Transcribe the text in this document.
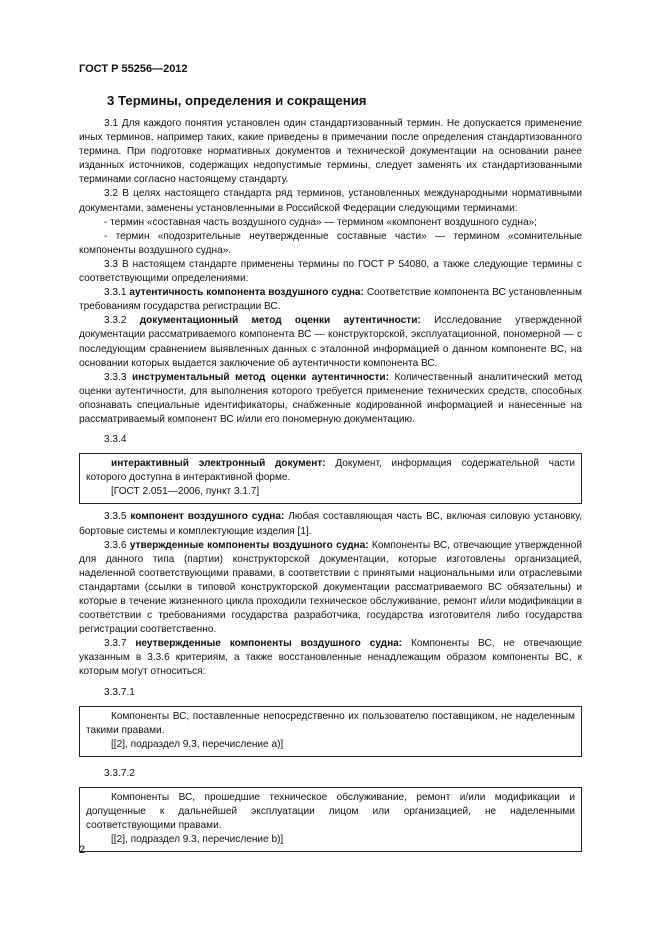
ГОСТ Р 55256—2012
3 Термины, определения и сокращения

3.1 Для каждого понятия установлен один стандартизованный термин. Не допускается применение иных терминов, например таких, какие приведены в примечании после определения стандартизованного термина. При подготовке нормативных документов и технической документации на основании ранее изданных источников, содержащих недопустимые термины, следует заменять их стандартизованными терминами согласно настоящему стандарту.

3.2 В целях настоящего стандарта ряд терминов, установленных международными нормативными документами, заменены установленными в Российской Федерации следующими терминами:

- термин «составная часть воздушного судна» — термином «компонент воздушного судна»;

- термин «подозрительные неутвержденные составные части» — термином «сомнительные компоненты воздушного судна».

3.3 В настоящем стандарте применены термины по ГОСТ Р 54080, а также следующие термины с соответствующими определениями:

3.3.1 аутентичность компонента воздушного судна: Соответствие компонента ВС установленным требованиям государства регистрации ВС.

3.3.2 документационный метод оценки аутентичности: Исследование утвержденной документации рассматриваемого компонента ВС — конструкторской, эксплуатационной, пономерной — с последующим сравнением выявленных данных с эталонной информацией о данном компоненте ВС, на основании которых выдается заключение об аутентичности компонента ВС.

3.3.3 инструментальный метод оценки аутентичности: Количественный аналитический метод оценки аутентичности, для выполнения которого требуется применение технических средств, способных опознавать специальные идентификаторы, снабженные кодированной информацией и нанесенные на рассматриваемый компонент ВС и/или его пономерную документацию.

3.3.4

интерактивный электронный документ: Документ, информация содержательной части которого доступна в интерактивной форме.

[ГОСТ 2.051—2006, пункт 3.1.7]

3.3.5 компонент воздушного судна: Любая составляющая часть ВС, включая силовую установку, бортовые системы и комплектующие изделия [1].

3.3.6 утвержденные компоненты воздушного судна: Компоненты ВС, отвечающие утвержденной для данного типа (партии) конструкторской документации, которые изготовлены организацией, наделенной соответствующими правами, в соответствии с принятыми национальными или отраслевыми стандартами (ссылки в типовой конструкторской документации рассматриваемого ВС обязательны) и которые в течение жизненного цикла проходили техническое обслуживание, ремонт и/или модификации в соответствии с требованиями государства разработчика, государства изготовителя либо государства регистрации соответственно.

3.3.7 неутвержденные компоненты воздушного судна: Компоненты ВС, не отвечающие указанным в 3.3.6 критериям, а также восстановленные ненадлежащим образом компоненты ВС, к которым могут относиться:

3.3.7.1

Компоненты ВС, поставленные непосредственно их пользователю поставщиком, не наделенным такими правами.

[[2], подраздел 9.3, перечисление а)]

3.3.7.2

Компоненты ВС, прошедшие техническое обслуживание, ремонт и/или модификации и допущенные к дальнейшей эксплуатации лицом или организацией, не наделенными соответствующими правами.

[[2], подраздел 9.3, перечисление b)]

2
